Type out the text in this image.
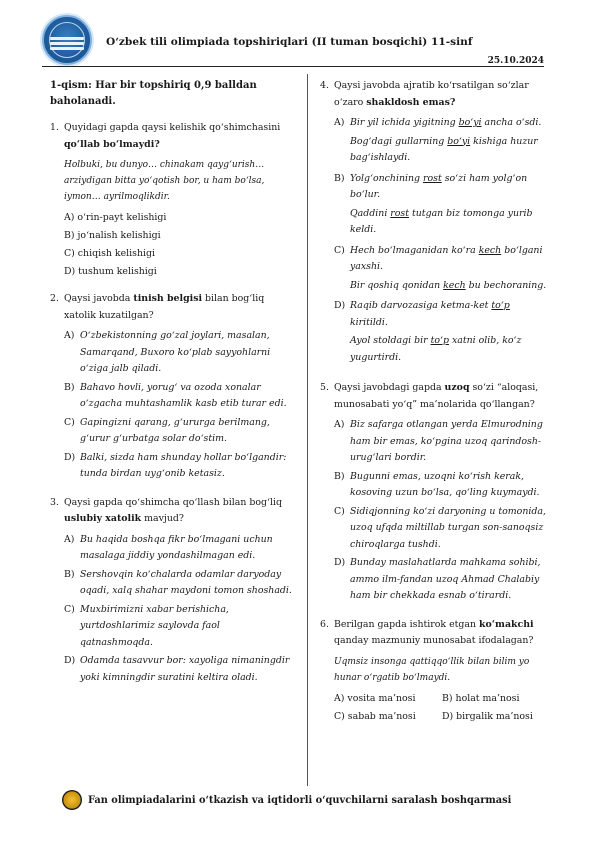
O‘zbek tili olimpiada topshiriqlari (II tuman bosqichi) 11-sinf
25.10.2024
1-qism: Har bir topshiriq 0,9 balldan baholanadi.
1. Quyidagi gapda qaysi kelishik qo‘shimchasini qo‘llab bo‘lmaydi?
Holbuki, bu dunyo… chinakam qayg‘urish… arziydigan bitta yo‘qotish bor, u ham bo‘lsa, iymon… ayrilmoqlikdir.
A) o‘rin-payt kelishigi
B) jo‘nalish kelishigi
C) chiqish kelishigi
D) tushum kelishigi
2. Qaysi javobda tinish belgisi bilan bog‘liq xatolik kuzatilgan?
A) O‘zbekistonning go‘zal joylari, masalan, Samarqand, Buxoro ko‘plab sayyohlarni o‘ziga jalb qiladi.
B) Bahavo hovli, yorug‘ va ozoda xonalar o‘zgacha muhtashamlik kasb etib turar edi.
C) Gapingizni qarang, g‘ururga berilmang, g‘urur g‘urbatga solar do‘stim.
D) Balki, sizda ham shunday hollar bo‘lgandir: tunda birdan uyg‘onib ketasiz.
3. Qaysi gapda qo‘shimcha qo‘llash bilan bog‘liq uslubiy xatolik mavjud?
A) Bu haqida boshqa fikr bo‘lmagani uchun masalaga jiddiy yondashilmagan edi.
B) Sershovqin ko‘chalarda odamlar daryoday oqadi, xalq shahar maydoni tomon shoshadi.
C) Muxbirimizni xabar berishicha, yurtdoshlarimiz saylovda faol qatnashmoqda.
D) Odamda tasavvur bor: xayoliga nimaningdir yoki kimningdir suratini keltira oladi.
4. Qaysi javobda ajratib ko‘rsatilgan so‘zlar o‘zaro shakldosh emas?
A) Bir yil ichida yigitning bo‘yi ancha o‘sdi.
Bog‘dagi gullarning bo‘yi kishiga huzur bag‘ishlaydi.
B) Yolg‘onchining rost so‘zi ham yolg‘on bo‘lur.
Qaddini rost tutgan biz tomonga yurib keldi.
C) Hech bo‘lmaganidan ko‘ra kech bo‘lgani yaxshi.
Bir qoshiq qonidan kech bu bechoraning.
D) Raqib darvozasiga ketma-ket to‘p kiritildi.
Ayol stoldagi bir to‘p xatni olib, ko‘z yugurtirdi.
5. Qaysi javobdagi gapda uzoq so‘zi “aloqasi, munosabati yo‘q” ma’nolarida qo‘llangan?
A) Biz safarga otlangan yerda Elmurodning ham bir emas, ko‘pgina uzoq qarindosh-urug‘lari bordir.
B) Bugunni emas, uzoqni ko‘rish kerak, kosoving uzun bo‘lsa, qo‘ling kuymaydi.
C) Sidiqjonning ko‘zi daryoning u tomonida, uzoq ufqda miltillab turgan son-sanoqsiz chiroqlarga tushdi.
D) Bunday maslahatlarda mahkama sohibi, ammo ilm-fandan uzoq Ahmad Chalabiy ham bir chekkada esnab o‘tirardi.
6. Berilgan gapda ishtirok etgan ko‘makchi qanday mazmuniy munosabat ifodalagan?
Uqmsiz insonga qattiqqo‘llik bilan bilim yo hunar o‘rgatib bo‘lmaydi.
A) vosita ma’nosi	B) holat ma’nosi
C) sabab ma’nosi	D) birgalik ma’nosi
Fan olimpiadalarini o‘tkazish va iqtidorli o‘quvchilarni saralash boshqarmasi
